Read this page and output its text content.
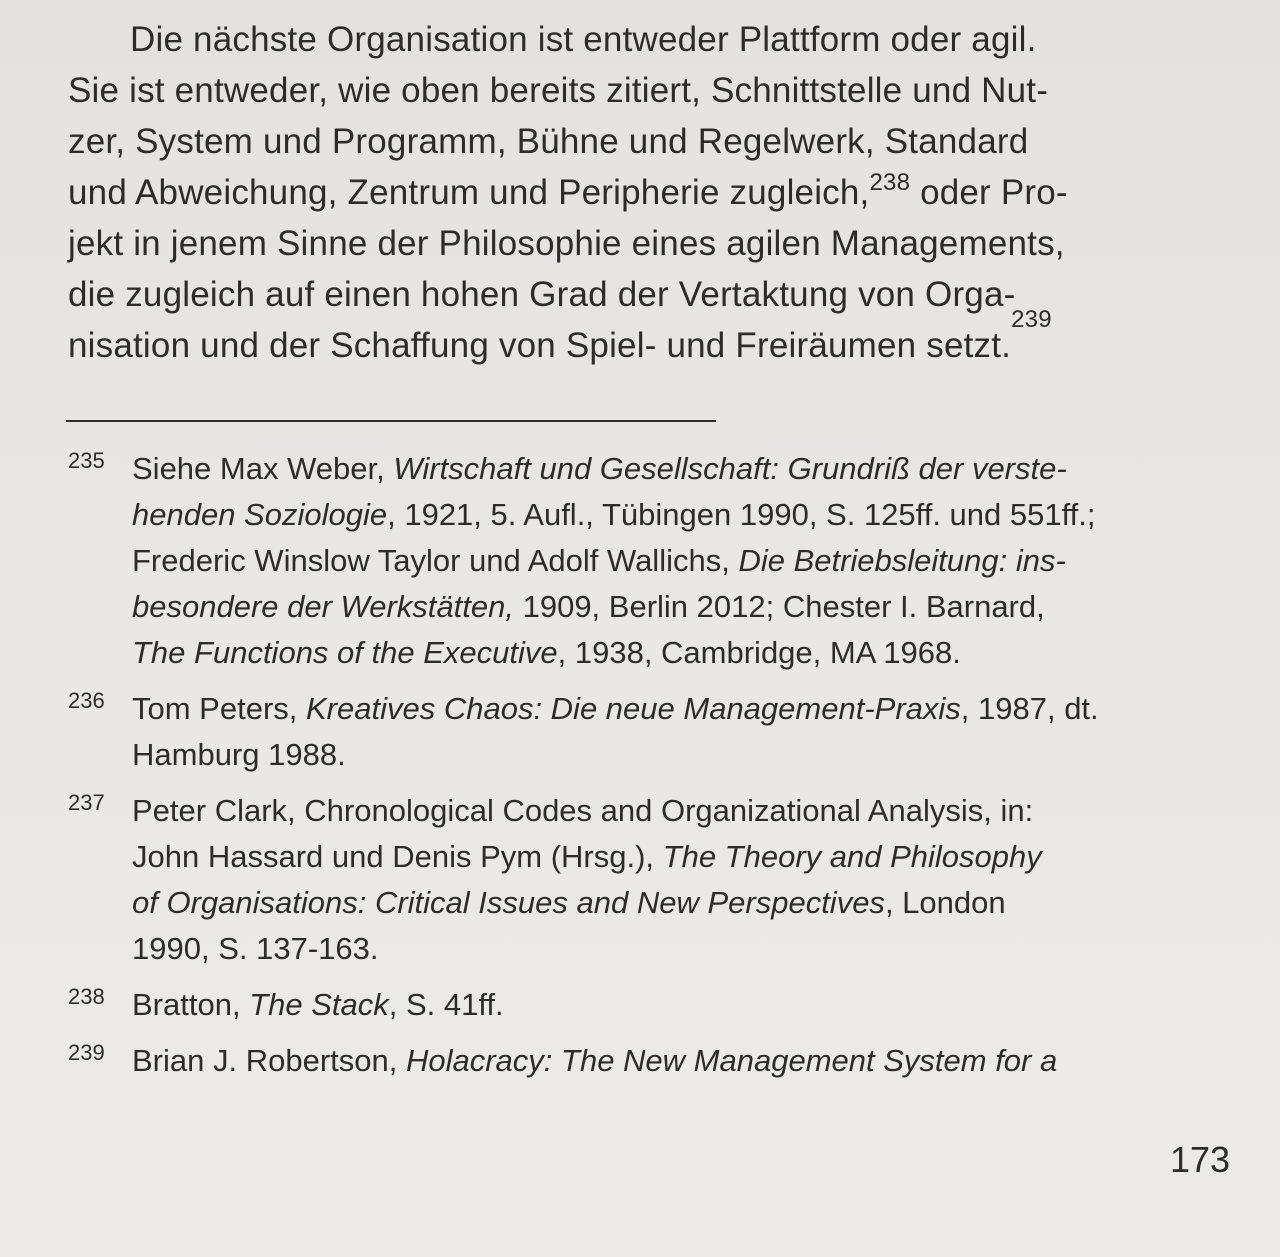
Die nächste Organisation ist entweder Plattform oder agil.
Sie ist entweder, wie oben bereits zitiert, Schnittstelle und Nut-
zer, System und Programm, Bühne und Regelwerk, Standard
und Abweichung, Zentrum und Peripherie zugleich,$^{238}$ oder Pro-
jekt in jenem Sinne der Philosophie eines agilen Managements,
die zugleich auf einen hohen Grad der Vertaktung von Orga-
nisation und der Schaffung von Spiel- und Freiräumen setzt.
239
235 Siehe Max Weber, Wirtschaft und Gesellschaft: Grundriß der verste-
henden Soziologie, 1921, 5. Aufl., Tübingen 1990, S. 125ff. und 551ff.;
Frederic Winslow Taylor und Adolf Wallichs, Die Betriebsleitung: ins-
besondere der Werkstätten, 1909, Berlin 2012; Chester I. Barnard,
The Functions of the Executive, 1938, Cambridge, MA 1968.
236 Tom Peters, Kreatives Chaos: Die neue Management-Praxis, 1987, dt.
Hamburg 1988.
237 Peter Clark, Chronological Codes and Organizational Analysis, in:
John Hassard und Denis Pym (Hrsg.), The Theory and Philosophy
of Organisations: Critical Issues and New Perspectives, London
1990, S. 137-163.
238 Bratton, The Stack, S. 41ff.
239 Brian J. Robertson, Holacracy: The New Management System for a
173
